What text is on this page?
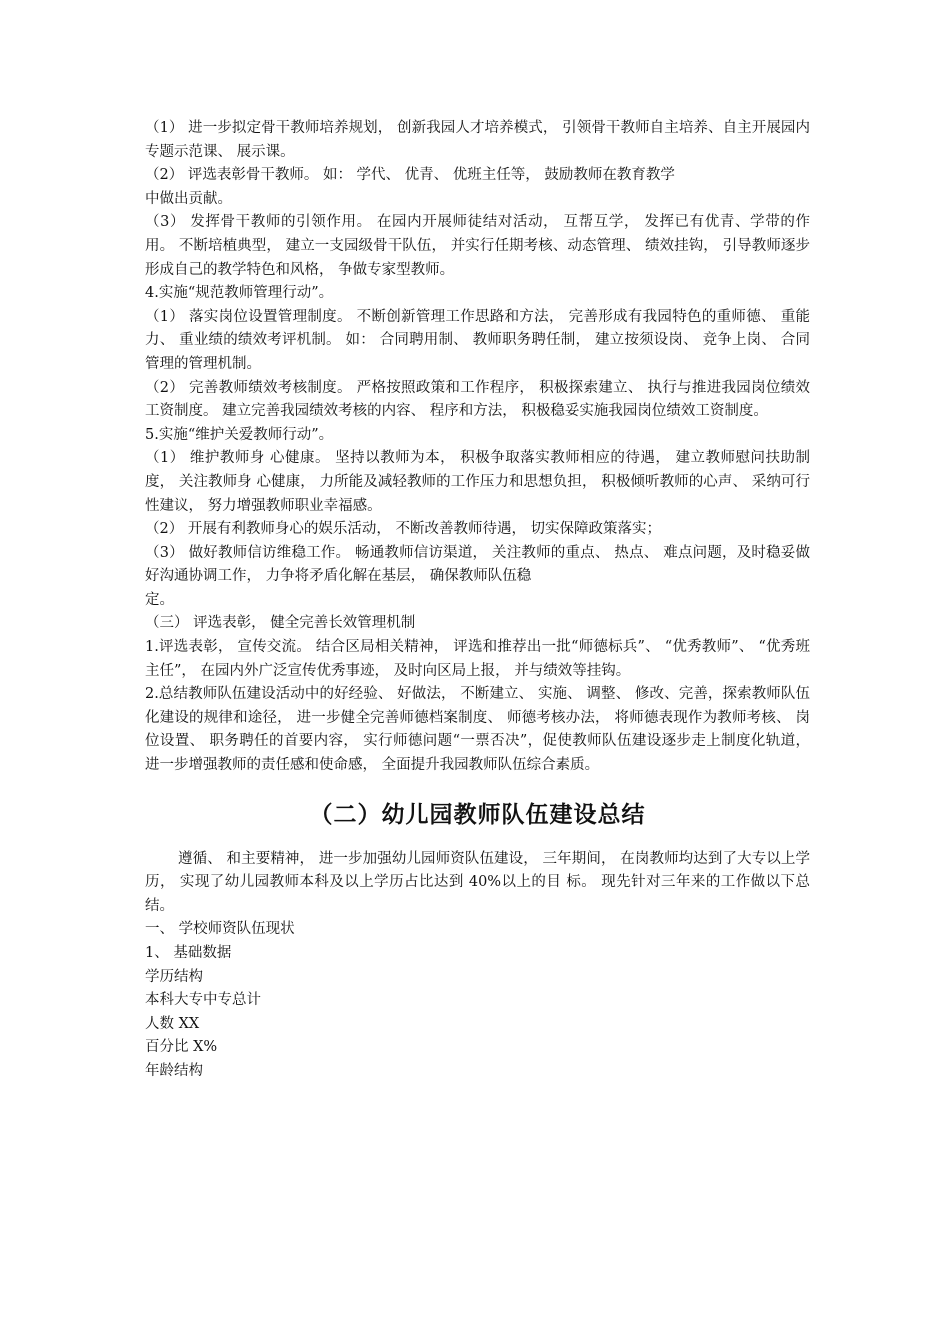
（1） 进一步拟定骨干教师培养规划， 创新我园人才培养模式， 引领骨干教师自主培养、自主开展园内专题示范课、 展示课。

（2） 评选表彰骨干教师。 如： 学代、 优青、 优班主任等， 鼓励教师在教育教学

中做出贡献。

（3） 发挥骨干教师的引领作用。 在园内开展师徒结对活动， 互帮互学， 发挥已有优青、学带的作用。 不断培植典型， 建立一支园级骨干队伍， 并实行任期考核、动态管理、 绩效挂钩， 引导教师逐步形成自己的教学特色和风格， 争做专家型教师。

4.实施“规范教师管理行动”。

（1） 落实岗位设置管理制度。 不断创新管理工作思路和方法， 完善形成有我园特色的重师德、 重能力、 重业绩的绩效考评机制。 如： 合同聘用制、 教师职务聘任制， 建立按须设岗、 竞争上岗、 合同管理的管理机制。

（2） 完善教师绩效考核制度。 严格按照政策和工作程序， 积极探索建立、 执行与推进我园岗位绩效工资制度。 建立完善我园绩效考核的内容、 程序和方法， 积极稳妥实施我园岗位绩效工资制度。

5.实施“维护关爱教师行动”。

（1） 维护教师身 心健康。 坚持以教师为本， 积极争取落实教师相应的待遇， 建立教师慰问扶助制度， 关注教师身 心健康， 力所能及减轻教师的工作压力和思想负担， 积极倾听教师的心声、 采纳可行性建议， 努力增强教师职业幸福感。

（2） 开展有利教师身心的娱乐活动， 不断改善教师待遇， 切实保障政策落实；

（3） 做好教师信访维稳工作。 畅通教师信访渠道， 关注教师的重点、 热点、 难点问题，及时稳妥做好沟通协调工作， 力争将矛盾化解在基层， 确保教师队伍稳

定。

（三） 评选表彰， 健全完善长效管理机制

1.评选表彰， 宣传交流。 结合区局相关精神， 评选和推荐出一批“师德标兵”、 “优秀教师”、 “优秀班主任”， 在园内外广泛宣传优秀事迹， 及时向区局上报， 并与绩效等挂钩。

2.总结教师队伍建设活动中的好经验、 好做法， 不断建立、 实施、 调整、 修改、完善，探索教师队伍化建设的规律和途径， 进一步健全完善师德档案制度、 师德考核办法， 将师德表现作为教师考核、 岗位设置、 职务聘任的首要内容， 实行师德问题“一票否决”，促使教师队伍建设逐步走上制度化轨道， 进一步增强教师的责任感和使命感， 全面提升我园教师队伍综合素质。

（二）幼儿园教师队伍建设总结

遵循、 和主要精神， 进一步加强幼儿园师资队伍建设， 三年期间， 在岗教师均达到了大专以上学历， 实现了幼儿园教师本科及以上学历占比达到 40%以上的目 标。 现先针对三年来的工作做以下总结。

一、 学校师资队伍现状

1、 基础数据

学历结构

本科大专中专总计

人数 XX

百分比 X%

年龄结构
